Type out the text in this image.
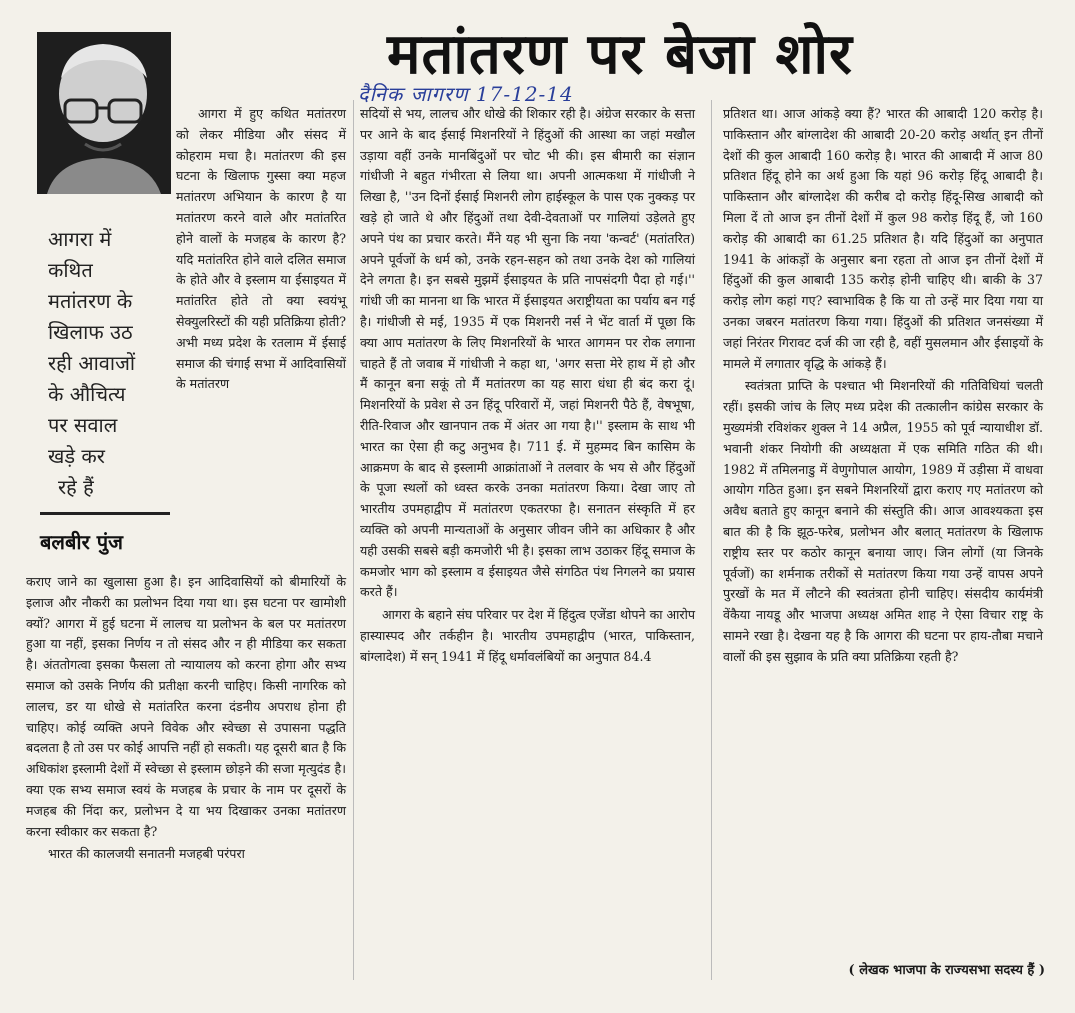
मतांतरण पर बेजा शोर
दैनिक जागरण 17-12-14
आगरा में
कथित
मतांतरण के
खिलाफ उठ
रही आवाजों
के औचित्य
पर सवाल
खड़े कर
रहे हैं
बलबीर पुंज

आगरा में हुए कथित मतांतरण को लेकर मीडिया और संसद में कोहराम मचा है। मतांतरण की इस घटना के खिलाफ गुस्सा क्या महज मतांतरण अभियान के कारण है या मतांतरण करने वाले और मतांतरित होने वालों के मजहब के कारण है? यदि मतांतरित होने वाले दलित समाज के होते और वे इस्लाम या ईसाइयत में मतांतरित होते तो क्या स्वयंभू सेक्युलरिस्टों की यही प्रतिक्रिया होती? अभी मध्य प्रदेश के रतलाम में ईसाई समाज की चंगाई सभा में आदिवासियों के मतांतरण

कराए जाने का खुलासा हुआ है। इन आदिवासियों को बीमारियों के इलाज और नौकरी का प्रलोभन दिया गया था। इस घटना पर खामोशी क्यों? आगरा में हुई घटना में लालच या प्रलोभन के बल पर मतांतरण हुआ या नहीं, इसका निर्णय न तो संसद और न ही मीडिया कर सकता है। अंततोगत्वा इसका फैसला तो न्यायालय को करना होगा और सभ्य समाज को उसके निर्णय की प्रतीक्षा करनी चाहिए। किसी नागरिक को लालच, डर या धोखे से मतांतरित करना दंडनीय अपराध होना ही चाहिए। कोई व्यक्ति अपने विवेक और स्वेच्छा से उपासना पद्धति बदलता है तो उस पर कोई आपत्ति नहीं हो सकती। यह दूसरी बात है कि अधिकांश इस्लामी देशों में स्वेच्छा से इस्लाम छोड़ने की सजा मृत्युदंड है। क्या एक सभ्य समाज स्वयं के मजहब के प्रचार के नाम पर दूसरों के मजहब की निंदा कर, प्रलोभन दे या भय दिखाकर उनका मतांतरण करना स्वीकार कर सकता है?

भारत की कालजयी सनातनी मजहबी परंपरा

सदियों से भय, लालच और धोखे की शिकार रही है। अंग्रेज सरकार के सत्ता पर आने के बाद ईसाई मिशनरियों ने हिंदुओं की आस्था का जहां मखौल उड़ाया वहीं उनके मानबिंदुओं पर चोट भी की। इस बीमारी का संज्ञान गांधीजी ने बहुत गंभीरता से लिया था। अपनी आत्मकथा में गांधीजी ने लिखा है, ''उन दिनों ईसाई मिशनरी लोग हाईस्कूल के पास एक नुक्कड़ पर खड़े हो जाते थे और हिंदुओं तथा देवी-देवताओं पर गालियां उड़ेलते हुए अपने पंथ का प्रचार करते। मैंने यह भी सुना कि नया 'कन्वर्ट' (मतांतरित) अपने पूर्वजों के धर्म को, उनके रहन-सहन को तथा उनके देश को गालियां देने लगता है। इन सबसे मुझमें ईसाइयत के प्रति नापसंदगी पैदा हो गई।'' गांधी जी का मानना था कि भारत में ईसाइयत अराष्ट्रीयता का पर्याय बन गई है। गांधीजी से मई, 1935 में एक मिशनरी नर्स ने भेंट वार्ता में पूछा कि क्या आप मतांतरण के लिए मिशनरियों के भारत आगमन पर रोक लगाना चाहते हैं तो जवाब में गांधीजी ने कहा था, 'अगर सत्ता मेरे हाथ में हो और मैं कानून बना सकूं तो मैं मतांतरण का यह सारा धंधा ही बंद करा दूं। मिशनरियों के प्रवेश से उन हिंदू परिवारों में, जहां मिशनरी पैठे हैं, वेषभूषा, रीति-रिवाज और खानपान तक में अंतर आ गया है।'' इस्लाम के साथ भी भारत का ऐसा ही कटु अनुभव है। 711 ई. में मुहम्मद बिन कासिम के आक्रमण के बाद से इस्लामी आक्रांताओं ने तलवार के भय से और हिंदुओं के पूजा स्थलों को ध्वस्त करके उनका मतांतरण किया। देखा जाए तो भारतीय उपमहाद्वीप में मतांतरण एकतरफा है। सनातन संस्कृति में हर व्यक्ति को अपनी मान्यताओं के अनुसार जीवन जीने का अधिकार है और यही उसकी सबसे बड़ी कमजोरी भी है। इसका लाभ उठाकर हिंदू समाज के कमजोर भाग को इस्लाम व ईसाइयत जैसे संगठित पंथ निगलने का प्रयास करते हैं।

आगरा के बहाने संघ परिवार पर देश में हिंदुत्व एजेंडा थोपने का आरोप हास्यास्पद और तर्कहीन है। भारतीय उपमहाद्वीप (भारत, पाकिस्तान, बांग्लादेश) में सन् 1941 में हिंदू धर्मावलंबियों का अनुपात 84.4

प्रतिशत था। आज आंकड़े क्या हैं? भारत की आबादी 120 करोड़ है। पाकिस्तान और बांग्लादेश की आबादी 20-20 करोड़ अर्थात् इन तीनों देशों की कुल आबादी 160 करोड़ है। भारत की आबादी में आज 80 प्रतिशत हिंदू होने का अर्थ हुआ कि यहां 96 करोड़ हिंदू आबादी है। पाकिस्तान और बांग्लादेश की करीब दो करोड़ हिंदू-सिख आबादी को मिला दें तो आज इन तीनों देशों में कुल 98 करोड़ हिंदू हैं, जो 160 करोड़ की आबादी का 61.25 प्रतिशत है। यदि हिंदुओं का अनुपात 1941 के आंकड़ों के अनुसार बना रहता तो आज इन तीनों देशों में हिंदुओं की कुल आबादी 135 करोड़ होनी चाहिए थी। बाकी के 37 करोड़ लोग कहां गए? स्वाभाविक है कि या तो उन्हें मार दिया गया या उनका जबरन मतांतरण किया गया। हिंदुओं की प्रतिशत जनसंख्या में जहां निरंतर गिरावट दर्ज की जा रही है, वहीं मुसलमान और ईसाइयों के मामले में लगातार वृद्धि के आंकड़े हैं।

स्वतंत्रता प्राप्ति के पश्चात भी मिशनरियों की गतिविधियां चलती रहीं। इसकी जांच के लिए मध्य प्रदेश की तत्कालीन कांग्रेस सरकार के मुख्यमंत्री रविशंकर शुक्ल ने 14 अप्रैल, 1955 को पूर्व न्यायाधीश डॉ. भवानी शंकर नियोगी की अध्यक्षता में एक समिति गठित की थी। 1982 में तमिलनाडु में वेणुगोपाल आयोग, 1989 में उड़ीसा में वाधवा आयोग गठित हुआ। इन सबने मिशनरियों द्वारा कराए गए मतांतरण को अवैध बताते हुए कानून बनाने की संस्तुति की। आज आवश्यकता इस बात की है कि झूठ-फरेब, प्रलोभन और बलात् मतांतरण के खिलाफ राष्ट्रीय स्तर पर कठोर कानून बनाया जाए। जिन लोगों (या जिनके पूर्वजों) का शर्मनाक तरीकों से मतांतरण किया गया उन्हें वापस अपने पुरखों के मत में लौटने की स्वतंत्रता होनी चाहिए। संसदीय कार्यमंत्री वेंकैया नायडू और भाजपा अध्यक्ष अमित शाह ने ऐसा विचार राष्ट्र के सामने रखा है। देखना यह है कि आगरा की घटना पर हाय-तौबा मचाने वालों की इस सुझाव के प्रति क्या प्रतिक्रिया रहती है?

( लेखक भाजपा के राज्यसभा सदस्य हैं )
